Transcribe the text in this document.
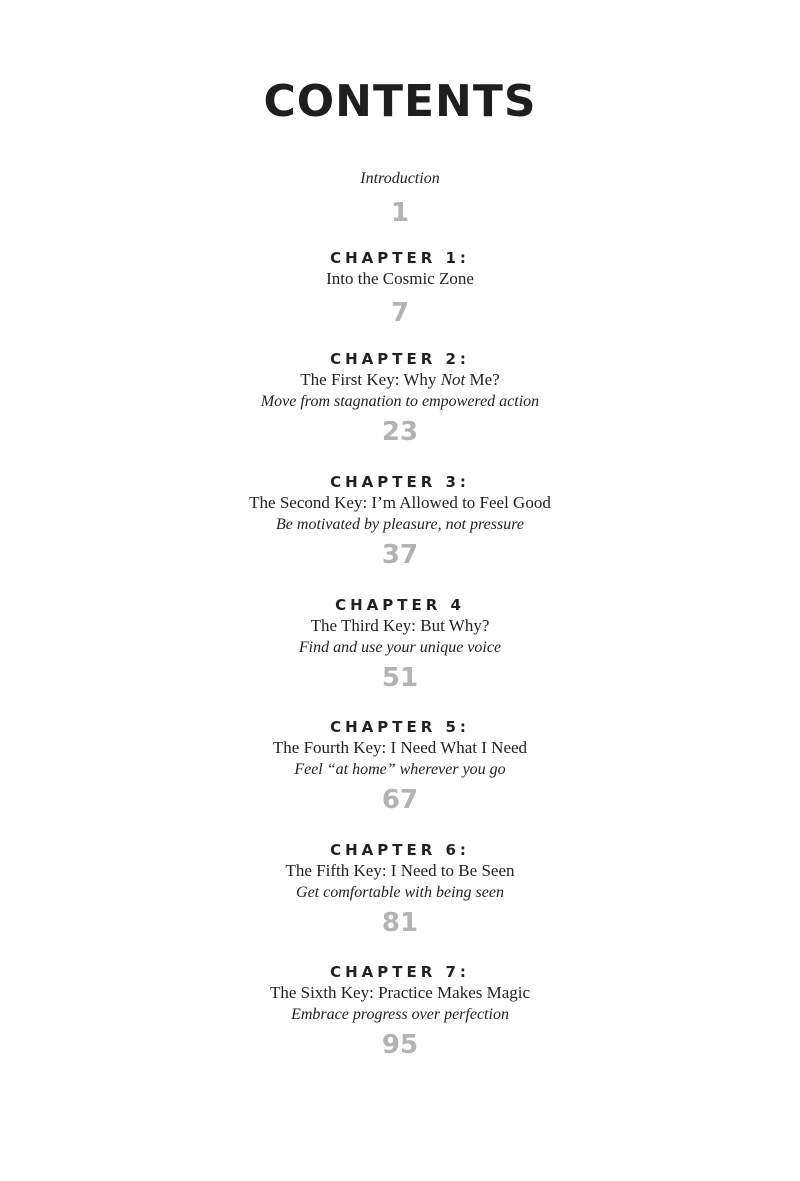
CONTENTS
Introduction
1
CHAPTER 1:
Into the Cosmic Zone
7
CHAPTER 2:
The First Key: Why Not Me?
Move from stagnation to empowered action
23
CHAPTER 3:
The Second Key: I’m Allowed to Feel Good
Be motivated by pleasure, not pressure
37
CHAPTER 4
The Third Key: But Why?
Find and use your unique voice
51
CHAPTER 5:
The Fourth Key: I Need What I Need
Feel “at home” wherever you go
67
CHAPTER 6:
The Fifth Key: I Need to Be Seen
Get comfortable with being seen
81
CHAPTER 7:
The Sixth Key: Practice Makes Magic
Embrace progress over perfection
95
